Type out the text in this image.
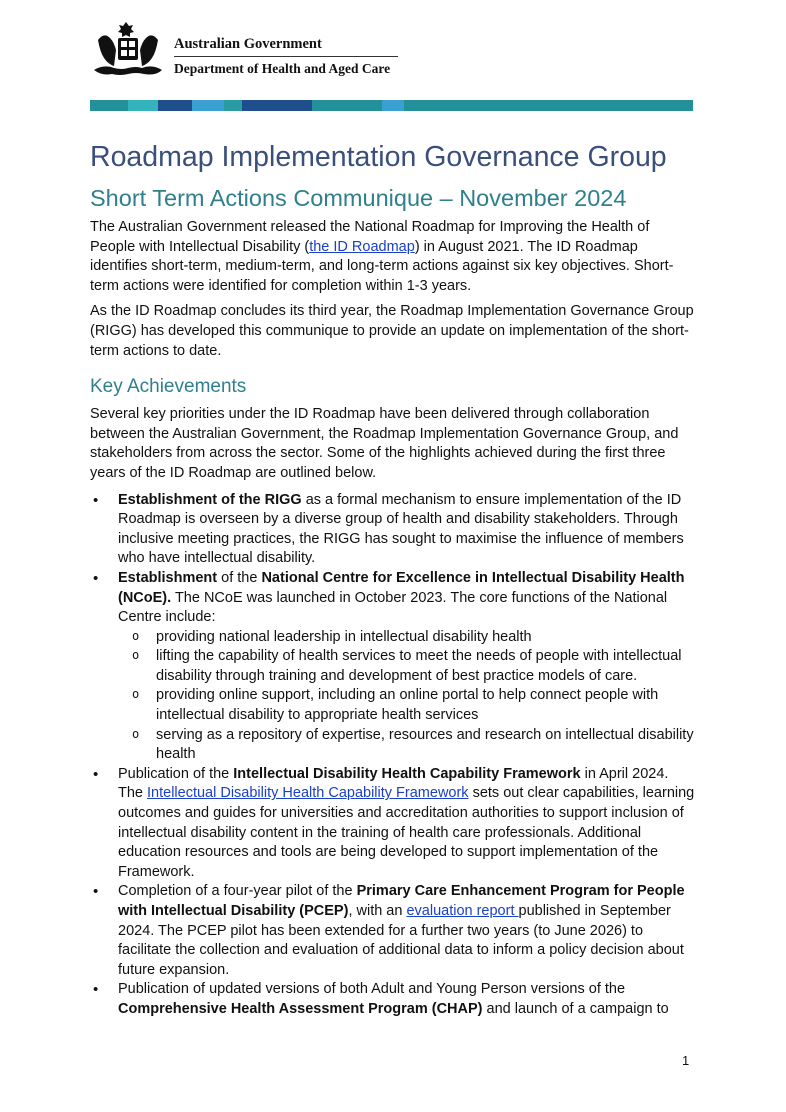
Australian Government
Department of Health and Aged Care
Roadmap Implementation Governance Group
Short Term Actions Communique – November 2024

The Australian Government released the National Roadmap for Improving the Health of People with Intellectual Disability (the ID Roadmap) in August 2021. The ID Roadmap identifies short-term, medium-term, and long-term actions against six key objectives. Short-term actions were identified for completion within 1-3 years.

As the ID Roadmap concludes its third year, the Roadmap Implementation Governance Group (RIGG) has developed this communique to provide an update on implementation of the short-term actions to date.

Key Achievements

Several key priorities under the ID Roadmap have been delivered through collaboration between the Australian Government, the Roadmap Implementation Governance Group, and stakeholders from across the sector. Some of the highlights achieved during the first three years of the ID Roadmap are outlined below.

• Establishment of the RIGG as a formal mechanism to ensure implementation of the ID Roadmap is overseen by a diverse group of health and disability stakeholders. Through inclusive meeting practices, the RIGG has sought to maximise the influence of members who have intellectual disability.
• Establishment of the National Centre for Excellence in Intellectual Disability Health (NCoE). The NCoE was launched in October 2023. The core functions of the National Centre include:
o providing national leadership in intellectual disability health
o lifting the capability of health services to meet the needs of people with intellectual disability through training and development of best practice models of care.
o providing online support, including an online portal to help connect people with intellectual disability to appropriate health services
o serving as a repository of expertise, resources and research on intellectual disability health
• Publication of the Intellectual Disability Health Capability Framework in April 2024. The Intellectual Disability Health Capability Framework sets out clear capabilities, learning outcomes and guides for universities and accreditation authorities to support inclusion of intellectual disability content in the training of health care professionals. Additional education resources and tools are being developed to support implementation of the Framework.
• Completion of a four-year pilot of the Primary Care Enhancement Program for People with Intellectual Disability (PCEP), with an evaluation report published in September 2024. The PCEP pilot has been extended for a further two years (to June 2026) to facilitate the collection and evaluation of additional data to inform a policy decision about future expansion.
• Publication of updated versions of both Adult and Young Person versions of the Comprehensive Health Assessment Program (CHAP) and launch of a campaign to
1
